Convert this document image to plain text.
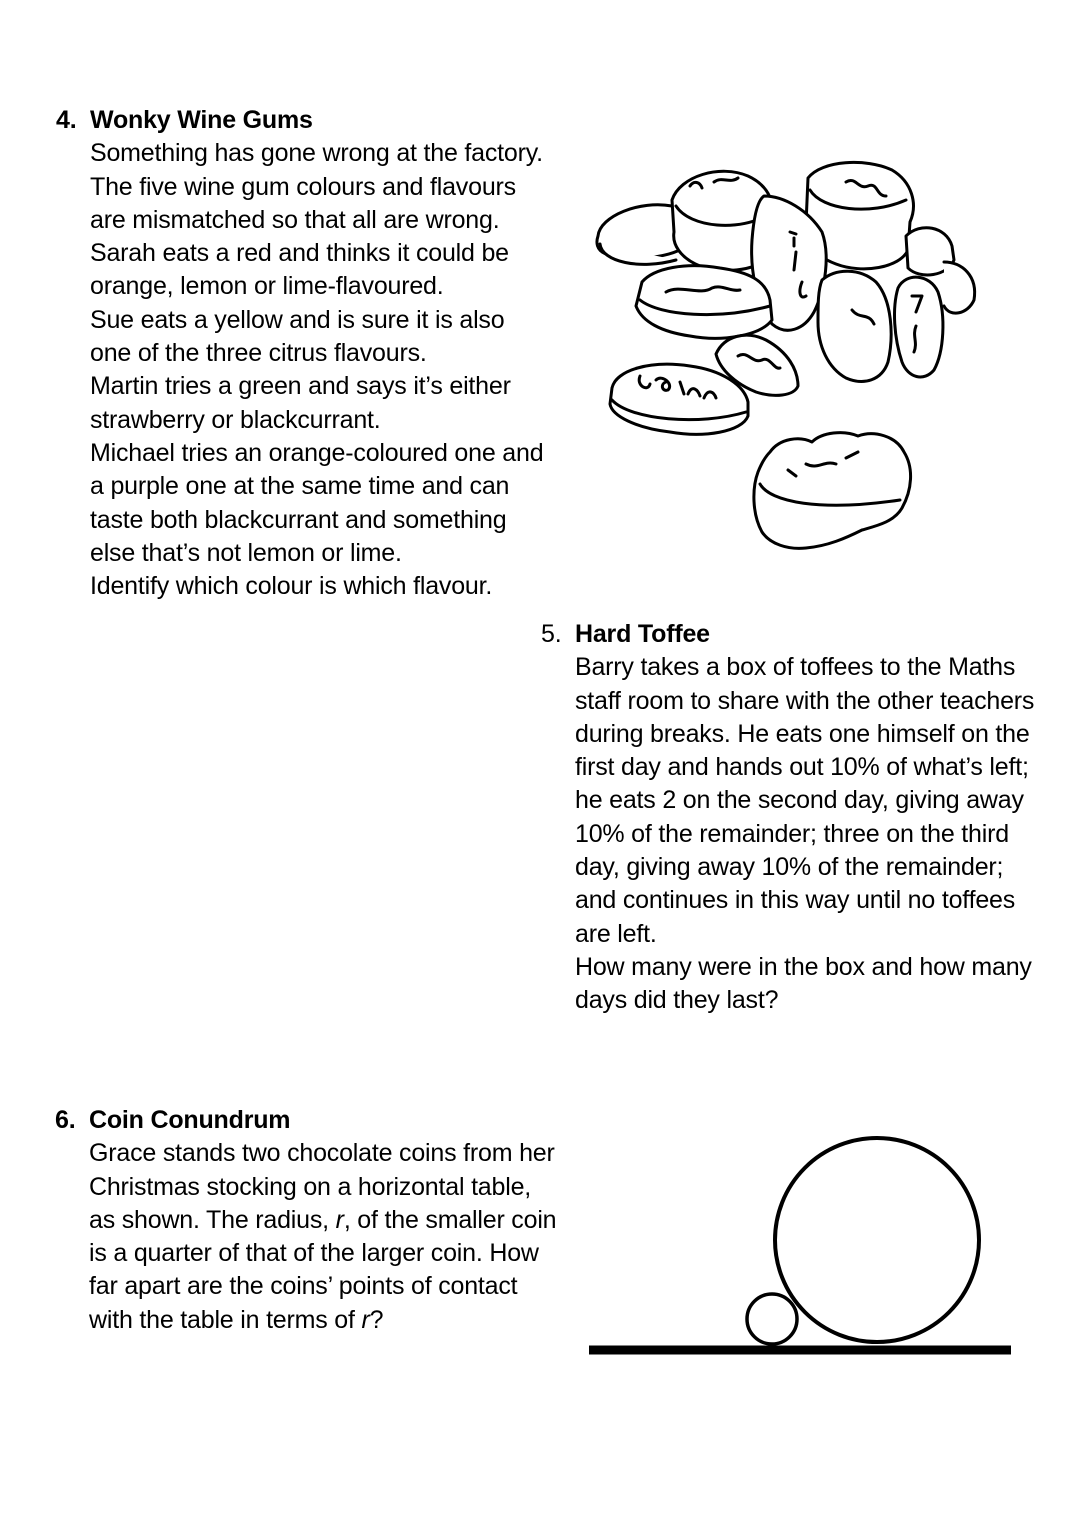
4. Wonky Wine Gums
Something has gone wrong at the factory.
The five wine gum colours and flavours
are mismatched so that all are wrong.
Sarah eats a red and thinks it could be
orange, lemon or lime-flavoured.
Sue eats a yellow and is sure it is also
one of the three citrus flavours.
Martin tries a green and says it’s either
strawberry or blackcurrant.
Michael tries an orange-coloured one and
a purple one at the same time and can
taste both blackcurrant and something
else that’s not lemon or lime.
Identify which colour is which flavour.
5. Hard Toffee
Barry takes a box of toffees to the Maths
staff room to share with the other teachers
during breaks. He eats one himself on the
first day and hands out 10% of what’s left;
he eats 2 on the second day, giving away
10% of the remainder; three on the third
day, giving away 10% of the remainder;
and continues in this way until no toffees
are left.
How many were in the box and how many
days did they last?
6. Coin Conundrum
Grace stands two chocolate coins from her
Christmas stocking on a horizontal table,
as shown. The radius, r, of the smaller coin
is a quarter of that of the larger coin. How
far apart are the coins’ points of contact
with the table in terms of r?
